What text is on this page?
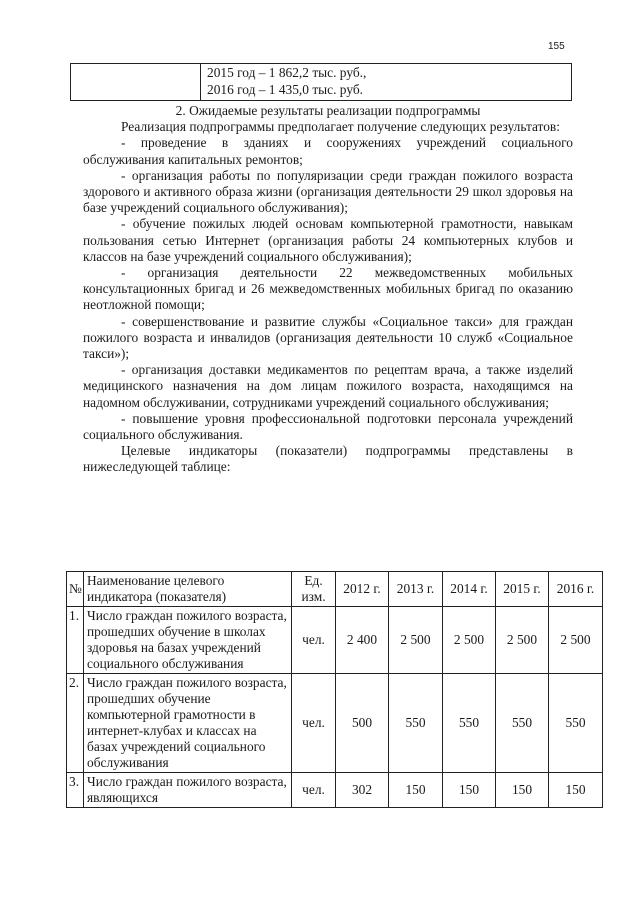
155

2015 год – 1 862,2 тыс. руб.,
2016 год – 1 435,0 тыс. руб.

2. Ожидаемые результаты реализации подпрограммы

Реализация подпрограммы предполагает получение следующих результатов:

- проведение в зданиях и сооружениях учреждений социального обслуживания капитальных ремонтов;

- организация работы по популяризации среди граждан пожилого возраста здорового и активного образа жизни (организация деятельности 29 школ здоровья на базе учреждений социального обслуживания);

- обучение пожилых людей основам компьютерной грамотности, навыкам пользования сетью Интернет (организация работы 24 компьютерных клубов и классов на базе учреждений социального обслуживания);

- организация деятельности 22 межведомственных мобильных консультационных бригад и 26 межведомственных мобильных бригад по оказанию неотложной помощи;

- совершенствование и развитие службы «Социальное такси» для граждан пожилого возраста и инвалидов (организация деятельности 10 служб «Социальное такси»);

- организация доставки медикаментов по рецептам врача, а также изделий медицинского назначения на дом лицам пожилого возраста, находящимся на надомном обслуживании, сотрудниками учреждений социального обслуживания;

- повышение уровня профессиональной подготовки персонала учреждений социального обслуживания.

Целевые индикаторы (показатели) подпрограммы представлены в нижеследующей таблице:

№	Наименование целевого индикатора (показателя)	Ед. изм.	2012 г.	2013 г.	2014 г.	2015 г.	2016 г.
1.	Число граждан пожилого возраста, прошедших обучение в школах здоровья на базах учреждений социального обслуживания	чел.	2 400	2 500	2 500	2 500	2 500
2.	Число граждан пожилого возраста, прошедших обучение компьютерной грамотности в интернет-клубах и классах на базах учреждений социального обслуживания	чел.	500	550	550	550	550
3.	Число граждан пожилого возраста, являющихся	чел.	302	150	150	150	150
